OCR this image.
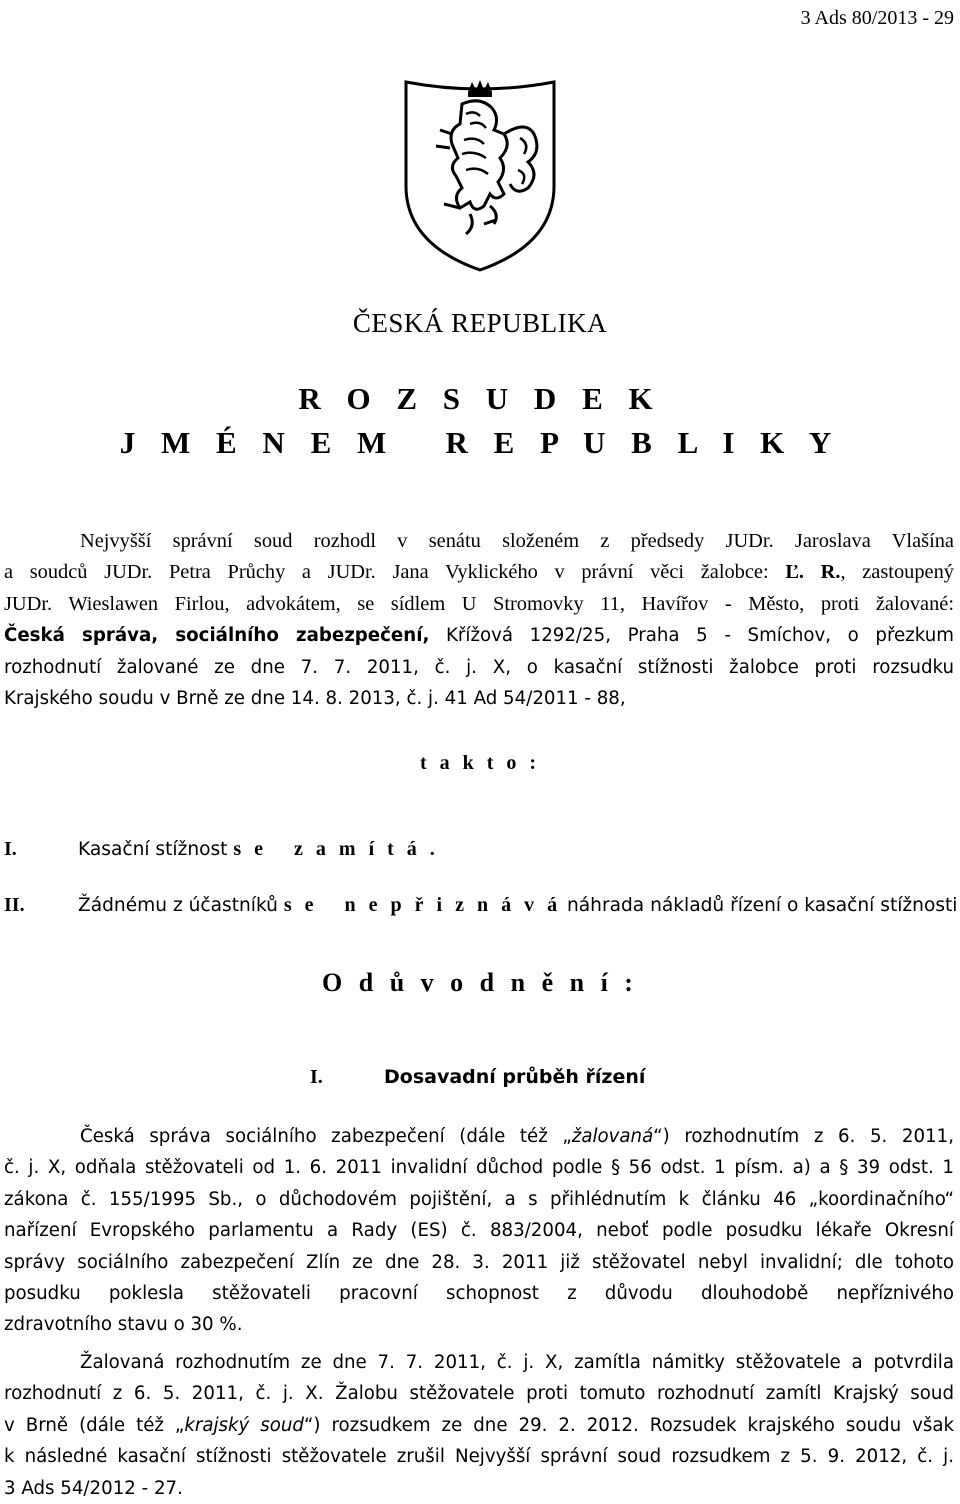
3 Ads 80/2013 - 29
ČESKÁ REPUBLIKA
R O Z S U D E K
J M É N E M   R E P U B L I K Y
Nejvyšší správní soud rozhodl v senátu složeném z předsedy JUDr. Jaroslava Vlašína
a soudců JUDr. Petra Průchy a JUDr. Jana Vyklického v právní věci žalobce: Ľ. R., zastoupený
JUDr. Wieslawen Firlou, advokátem, se sídlem U Stromovky 11, Havířov - Město, proti žalované:
Česká správa, sociálního zabezpečení, Křížová 1292/25, Praha 5 - Smíchov, o přezkum
rozhodnutí žalované ze dne 7. 7. 2011, č. j. X, o kasační stížnosti žalobce proti rozsudku
Krajského soudu v Brně ze dne 14. 8. 2013, č. j. 41 Ad 54/2011 - 88,
t a k t o :
I.	Kasační stížnost s e   z a m í t á .
II.	Žádnému z účastníků s e   n e p ř i z n á v á náhrada nákladů řízení o kasační stížnosti
O d ů v o d n ě n í :
I.	Dosavadní průběh řízení
Česká správa sociálního zabezpečení (dále též „žalovaná“) rozhodnutím z 6. 5. 2011,
č. j. X, odňala stěžovateli od 1. 6. 2011 invalidní důchod podle § 56 odst. 1 písm. a) a § 39 odst. 1
zákona č. 155/1995 Sb., o důchodovém pojištění, a s přihlédnutím k článku 46 „koordinačního“
nařízení Evropského parlamentu a Rady (ES) č. 883/2004, neboť podle posudku lékaře Okresní
správy sociálního zabezpečení Zlín ze dne 28. 3. 2011 již stěžovatel nebyl invalidní; dle tohoto
posudku poklesla stěžovateli pracovní schopnost z důvodu dlouhodobě nepříznivého
zdravotního stavu o 30 %.
Žalovaná rozhodnutím ze dne 7. 7. 2011, č. j. X, zamítla námitky stěžovatele a potvrdila
rozhodnutí z 6. 5. 2011, č. j. X. Žalobu stěžovatele proti tomuto rozhodnutí zamítl Krajský soud
v Brně (dále též „krajský soud“) rozsudkem ze dne 29. 2. 2012. Rozsudek krajského soudu však
k následné kasační stížnosti stěžovatele zrušil Nejvyšší správní soud rozsudkem z 5. 9. 2012, č. j.
3 Ads 54/2012 - 27.
